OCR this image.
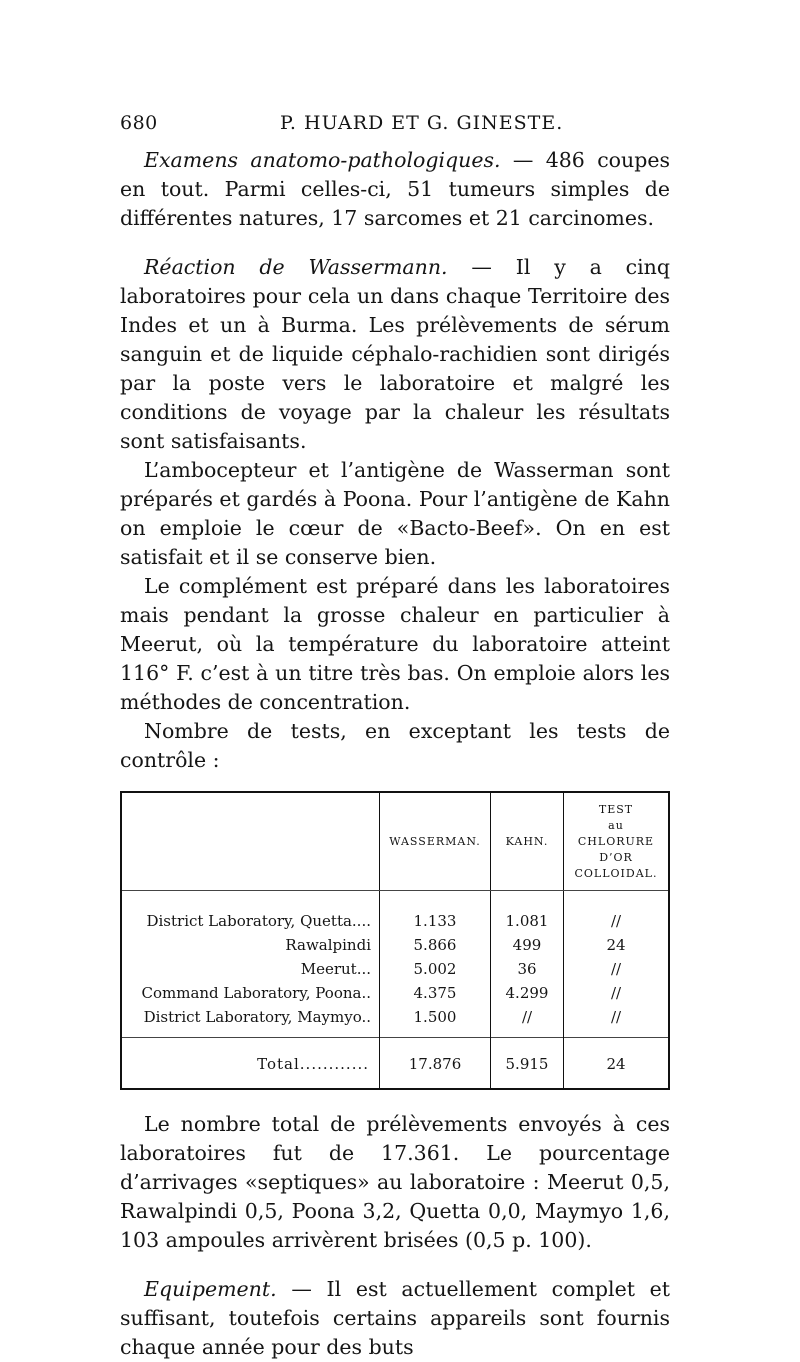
680	P. HUARD ET G. GINESTE.

Examens anatomo-pathologiques. — 486 coupes en tout. Parmi celles-ci, 51 tumeurs simples de différentes natures, 17 sarcomes et 21 carcinomes.

Réaction de Wassermann. — Il y a cinq laboratoires pour cela un dans chaque Territoire des Indes et un à Burma. Les prélèvements de sérum sanguin et de liquide céphalo-rachidien sont dirigés par la poste vers le laboratoire et malgré les conditions de voyage par la chaleur les résultats sont satisfaisants.

L’ambocepteur et l’antigène de Wasserman sont préparés et gardés à Poona. Pour l’antigène de Kahn on emploie le cœur de «Bacto-Beef». On en est satisfait et il se conserve bien.

Le complément est préparé dans les laboratoires mais pendant la grosse chaleur en particulier à Meerut, où la température du laboratoire atteint 116° F. c’est à un titre très bas. On emploie alors les méthodes de concentration.

Nombre de tests, en exceptant les tests de contrôle :

	WASSERMAN.	KAHN.	TEST
au
CHLORURE D’OR
COLLOIDAL.

District Laboratory, Quetta....	1.133	1.081	//
Rawalpindi	5.866	499	24
Meerut...	5.002	36	//
Command Laboratory, Poona..	4.375	4.299	//
District Laboratory, Maymyo..	1.500	//	//
Total............	17.876	5.915	24

Le nombre total de prélèvements envoyés à ces laboratoires fut de 17.361. Le pourcentage d’arrivages «septiques» au laboratoire : Meerut 0,5, Rawalpindi 0,5, Poona 3,2, Quetta 0,0, Maymyo 1,6, 103 ampoules arrivèrent brisées (0,5 p. 100).

Equipement. — Il est actuellement complet et suffisant, toutefois certains appareils sont fournis chaque année pour des buts
